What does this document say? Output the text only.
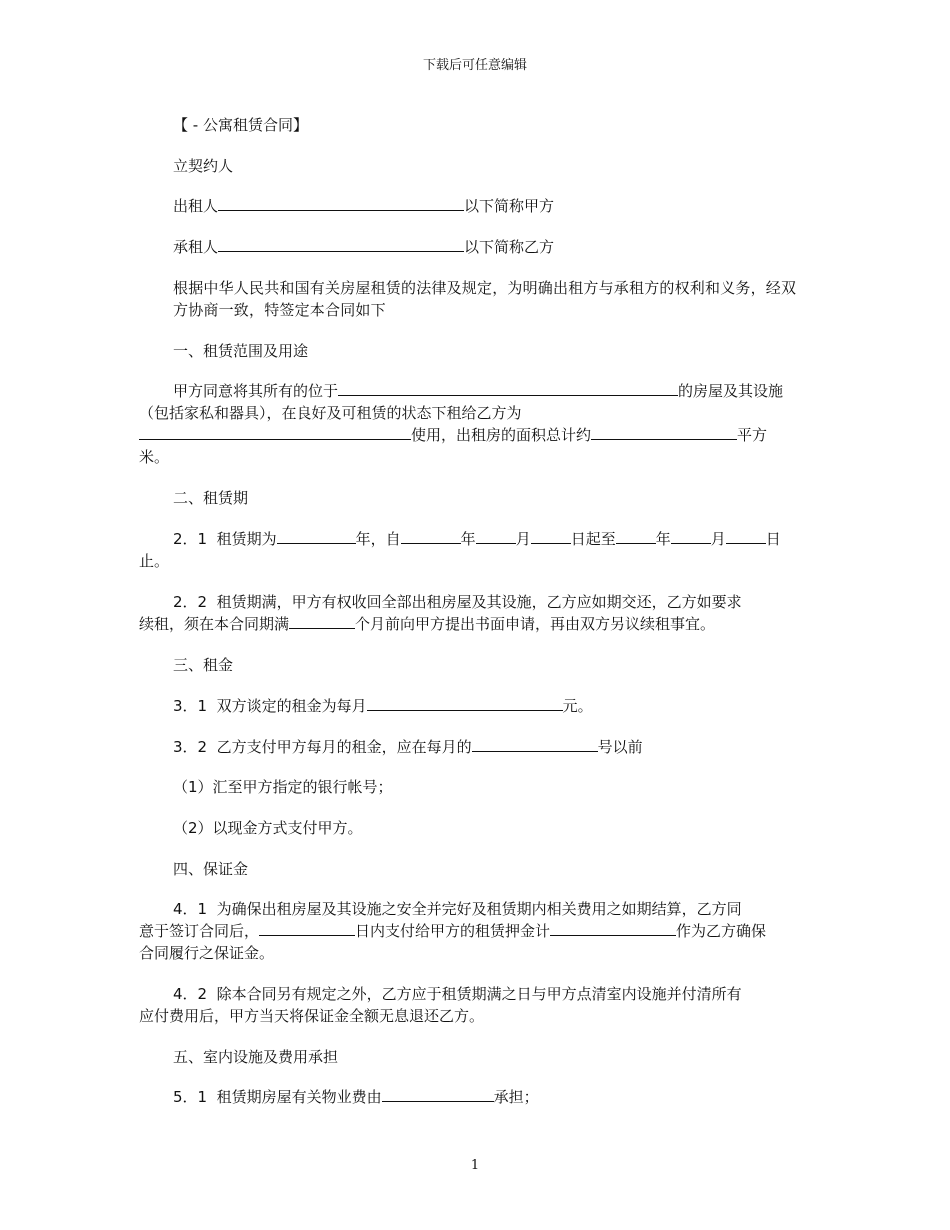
下载后可任意编辑
【 - 公寓租赁合同】
立契约人
出租人	以下简称甲方
承租人	以下简称乙方
根据中华人民共和国有关房屋租赁的法律及规定，为明确出租方与承租方的权利和义务，经双方协商一致，特签定本合同如下
一、租赁范围及用途
甲方同意将其所有的位于	的房屋及其设施
（包括家私和器具），在良好及可租赁的状态下租给乙方为
使用，出租房的面积总计约	平方
米。
二、租赁期
2．1 租赁期为	年，自	年	月	日起至	年	月	日
止。
2．2 租赁期满，甲方有权收回全部出租房屋及其设施，乙方应如期交还，乙方如要求
续租，须在本合同期满	个月前向甲方提出书面申请，再由双方另议续租事宜。
三、租金
3．1 双方谈定的租金为每月	元。
3．2 乙方支付甲方每月的租金，应在每月的	号以前
（1）汇至甲方指定的银行帐号；
（2）以现金方式支付甲方。
四、保证金
4．1 为确保出租房屋及其设施之安全并完好及租赁期内相关费用之如期结算，乙方同
意于签订合同后，	日内支付给甲方的租赁押金计	作为乙方确保
合同履行之保证金。
4．2 除本合同另有规定之外，乙方应于租赁期满之日与甲方点清室内设施并付清所有
应付费用后，甲方当天将保证金全额无息退还乙方。
五、室内设施及费用承担
5．1 租赁期房屋有关物业费由	承担；
1
